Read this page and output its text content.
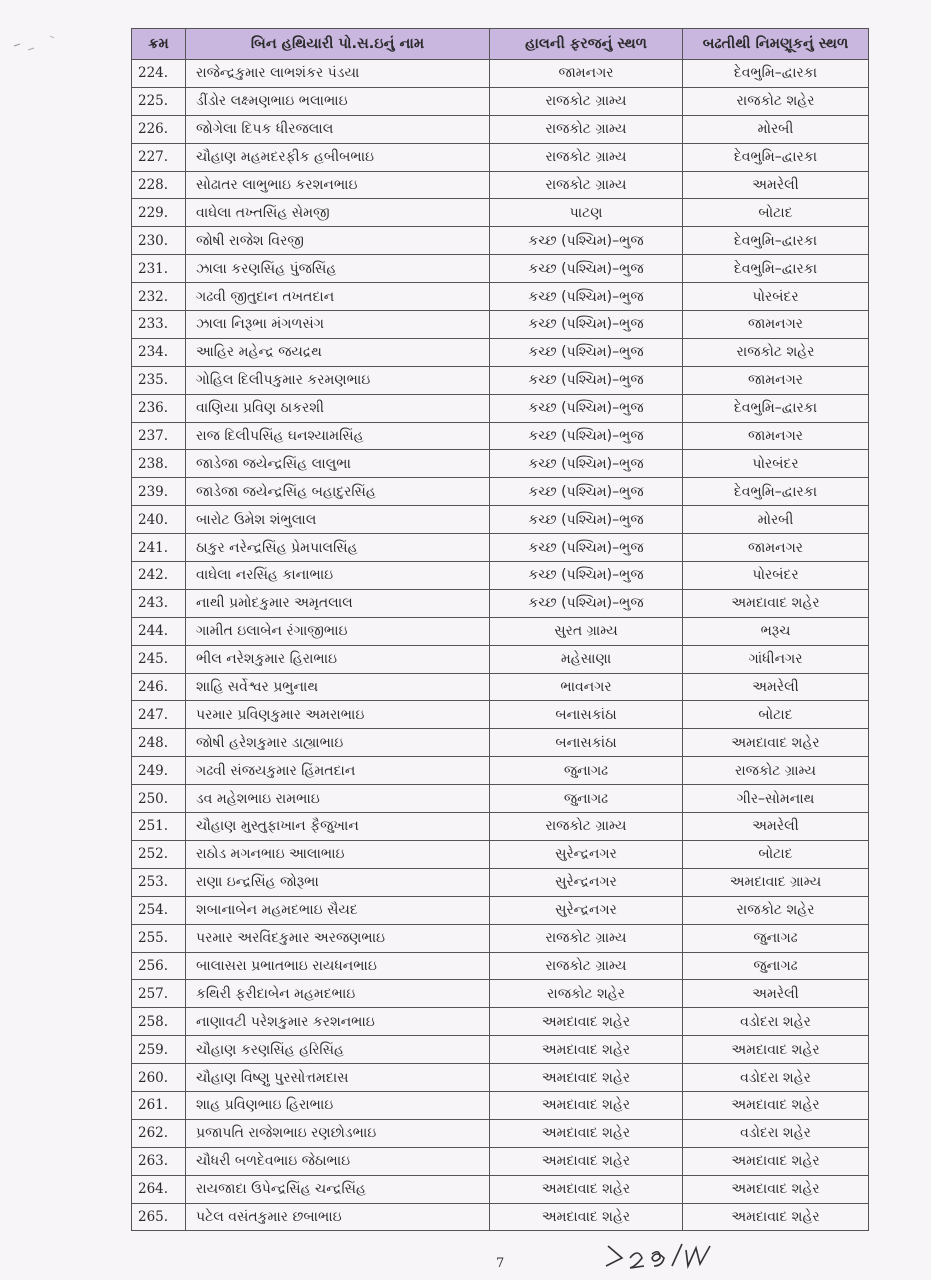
ક્રમ	બિન હથિયારી પો.સ.ઇનું નામ	હાલની ફરજનું સ્થળ	બઢતીથી નિમણૂકનું સ્થળ
224.	રાજેન્દ્રકુમાર લાભશંકર પંડયા	જામનગર	દેવભુમિ–દ્વારકા
225.	ડીંડોર લક્ષ્મણભાઇ ભલાભાઇ	રાજકોટ ગ્રામ્ય	રાજકોટ શહેર
226.	જોગેલા દિપક ધીરજલાલ	રાજકોટ ગ્રામ્ય	મોરબી
227.	ચૌહાણ મહમદરફીક હબીબભાઇ	રાજકોટ ગ્રામ્ય	દેવભુમિ–દ્વારકા
228.	સોઢાતર લાભુભાઇ કરશનભાઇ	રાજકોટ ગ્રામ્ય	અમરેલી
229.	વાઘેલા તખ્તસિંહ સેમજી	પાટણ	બોટાદ
230.	જોષી રાજેશ વિરજી	કચ્છ (પશ્ચિમ)–ભુજ	દેવભુમિ–દ્વારકા
231.	ઝાલા કરણસિંહ પુંજસિંહ	કચ્છ (પશ્ચિમ)–ભુજ	દેવભુમિ–દ્વારકા
232.	ગઢવી જીતુદાન તખતદાન	કચ્છ (પશ્ચિમ)–ભુજ	પોરબંદર
233.	ઝાલા નિરૂભા મંગળસંગ	કચ્છ (પશ્ચિમ)–ભુજ	જામનગર
234.	આહિર મહેન્દ્ર જયદ્રથ	કચ્છ (પશ્ચિમ)–ભુજ	રાજકોટ શહેર
235.	ગોહિલ દિલીપકુમાર કરમણભાઇ	કચ્છ (પશ્ચિમ)–ભુજ	જામનગર
236.	વાણિયા પ્રવિણ ઠાકરશી	કચ્છ (પશ્ચિમ)–ભુજ	દેવભુમિ–દ્વારકા
237.	રાજ દિલીપસિંહ ઘનશ્યામસિંહ	કચ્છ (પશ્ચિમ)–ભુજ	જામનગર
238.	જાડેજા જયેન્દ્રસિંહ લાલુભા	કચ્છ (પશ્ચિમ)–ભુજ	પોરબંદર
239.	જાડેજા જયેન્દ્રસિંહ બહાદુરસિંહ	કચ્છ (પશ્ચિમ)–ભુજ	દેવભુમિ–દ્વારકા
240.	બારોટ ઉમેશ શંભુલાલ	કચ્છ (પશ્ચિમ)–ભુજ	મોરબી
241.	ઠાકુર નરેન્દ્રસિંહ પ્રેમપાલસિંહ	કચ્છ (પશ્ચિમ)–ભુજ	જામનગર
242.	વાઘેલા નરસિંહ કાનાભાઇ	કચ્છ (પશ્ચિમ)–ભુજ	પોરબંદર
243.	નાથી પ્રમોદકુમાર અમૃતલાલ	કચ્છ (પશ્ચિમ)–ભુજ	અમદાવાદ શહેર
244.	ગામીત ઇલાબેન રંગાજીભાઇ	સુરત ગ્રામ્ય	ભરૂચ
245.	ભીલ નરેશકુમાર હિરાભાઇ	મહેસાણા	ગાંધીનગર
246.	શાહિ સર્વેશ્વર પ્રભુનાથ	ભાવનગર	અમરેલી
247.	પરમાર પ્રવિણકુમાર અમરાભાઇ	બનાસકાંઠા	બોટાદ
248.	જોષી હરેશકુમાર ડાહ્યાભાઇ	બનાસકાંઠા	અમદાવાદ શહેર
249.	ગઢવી સંજયકુમાર હિંમતદાન	જુનાગઢ	રાજકોટ ગ્રામ્ય
250.	ડવ મહેશભાઇ રામભાઇ	જુનાગઢ	ગીર–સોમનાથ
251.	ચૌહાણ મુસ્તુફાખાન ફૈજુખાન	રાજકોટ ગ્રામ્ય	અમરેલી
252.	રાઠોડ મગનભાઇ આલાભાઇ	સુરેન્દ્રનગર	બોટાદ
253.	રાણા ઇન્દ્રસિંહ જોરૂભા	સુરેન્દ્રનગર	અમદાવાદ ગ્રામ્ય
254.	શબાનાબેન મહમદભાઇ સૈયદ	સુરેન્દ્રનગર	રાજકોટ શહેર
255.	પરમાર અરવિંદકુમાર અરજણભાઇ	રાજકોટ ગ્રામ્ય	જુનાગઢ
256.	બાલાસરા પ્રભાતભાઇ રાયધનભાઇ	રાજકોટ ગ્રામ્ય	જુનાગઢ
257.	કથિરી ફરીદાબેન મહમદભાઇ	રાજકોટ શહેર	અમરેલી
258.	નાણાવટી પરેશકુમાર કરશનભાઇ	અમદાવાદ શહેર	વડોદરા શહેર
259.	ચૌહાણ કરણસિંહ હરિસિંહ	અમદાવાદ શહેર	અમદાવાદ શહેર
260.	ચૌહાણ વિષ્ણુ પુરસોત્તમદાસ	અમદાવાદ શહેર	વડોદરા શહેર
261.	શાહ પ્રવિણભાઇ હિરાભાઇ	અમદાવાદ શહેર	અમદાવાદ શહેર
262.	પ્રજાપતિ રાજેશભાઇ રણછોડભાઇ	અમદાવાદ શહેર	વડોદરા શહેર
263.	ચૌધરી બળદેવભાઇ જેઠાભાઇ	અમદાવાદ શહેર	અમદાવાદ શહેર
264.	રાયજાદા ઉપેન્દ્રસિંહ ચન્દ્રસિંહ	અમદાવાદ શહેર	અમદાવાદ શહેર
265.	પટેલ વસંતકુમાર છબાભાઇ	અમદાવાદ શહેર	અમદાવાદ શહેર
7
